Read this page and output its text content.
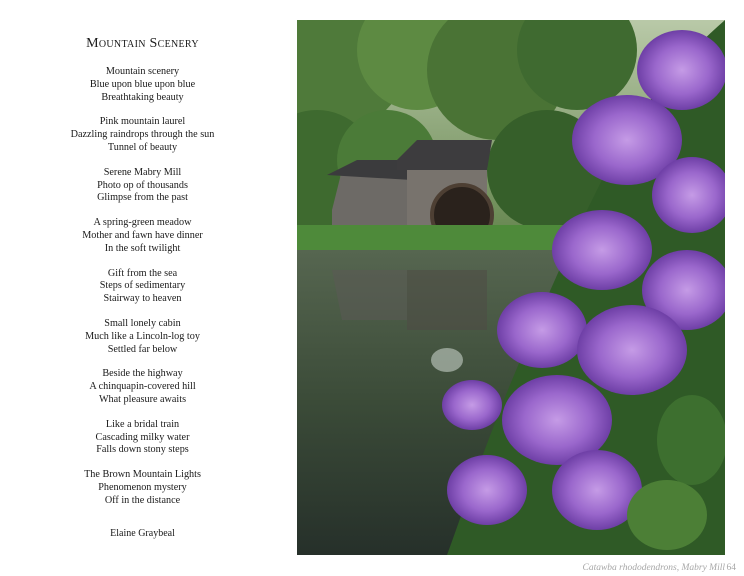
Mountain Scenery
Mountain scenery
Blue upon blue upon blue
Breathtaking beauty
Pink mountain laurel
Dazzling raindrops through the sun
Tunnel of beauty
Serene Mabry Mill
Photo op of thousands
Glimpse from the past
A spring-green meadow
Mother and fawn have dinner
In the soft twilight
Gift from the sea
Steps of sedimentary
Stairway to heaven
Small lonely cabin
Much like a Lincoln-log toy
Settled far below
Beside the highway
A chinquapin-covered hill
What pleasure awaits
Like a bridal train
Cascading milky water
Falls down stony steps
The Brown Mountain Lights
Phenomenon mystery
Off in the distance
Elaine Graybeal
Catawba rhododendrons, Mabry Mill 64
